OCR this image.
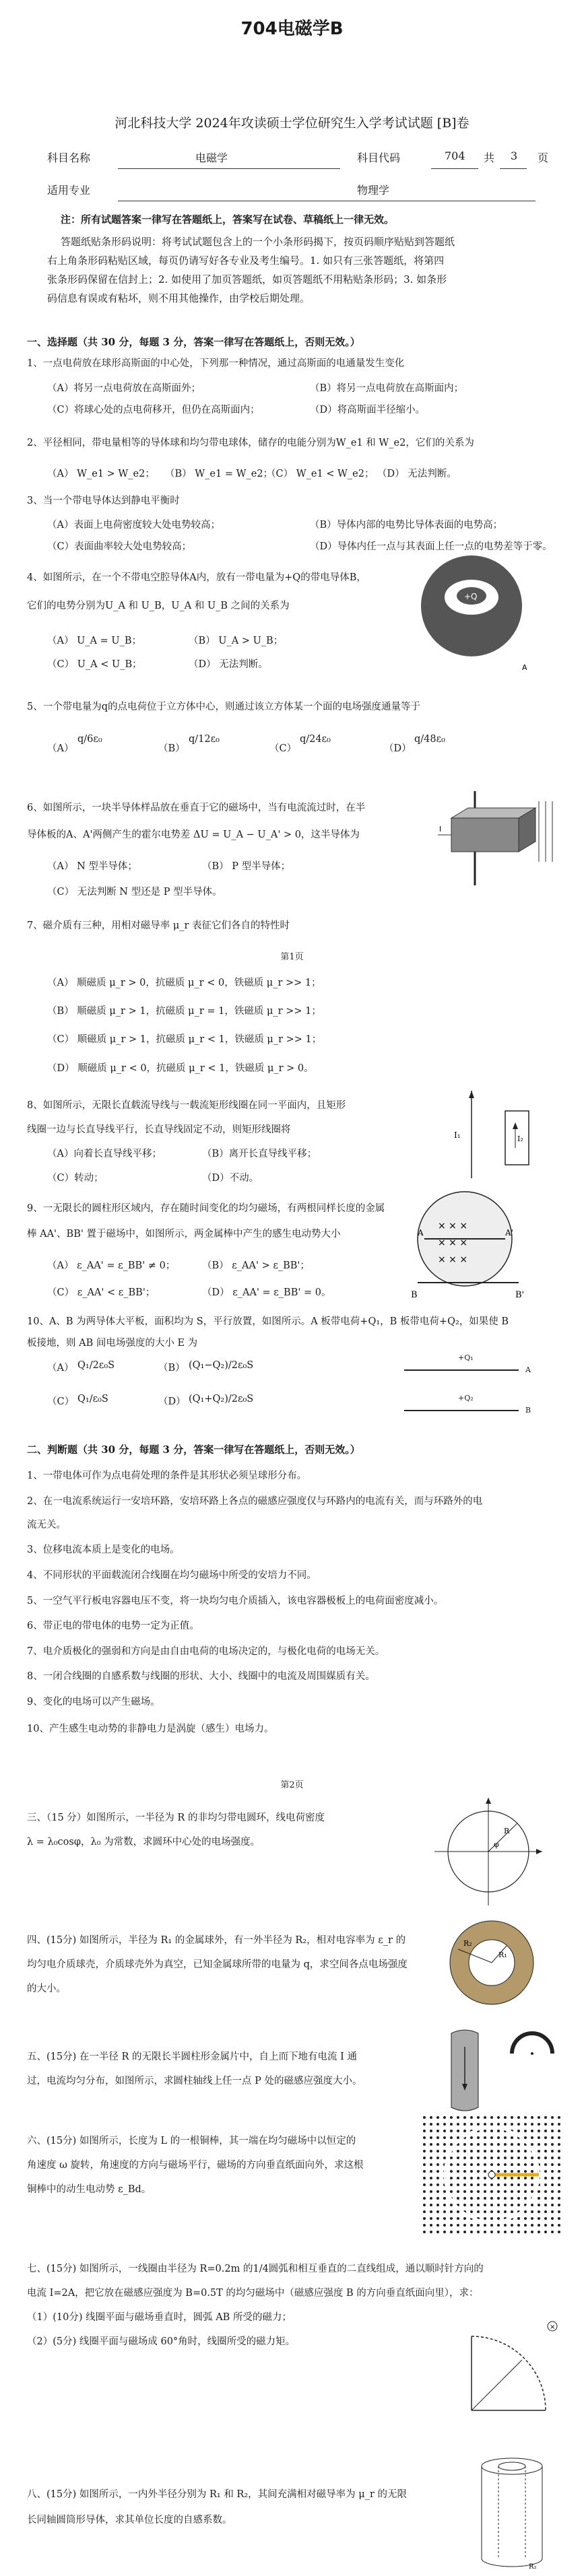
704电磁学B
河北科技大学 2024年攻读硕士学位研究生入学考试试题 [B]卷
科目名称	电磁学	科目代码	704 共 3 页
适用专业	物理学
注：所有试题答案一律写在答题纸上，答案写在试卷、草稿纸上一律无效。
答题纸贴条形码说明：将考试试题包含上的一个小条形码揭下，按页码顺序贴贴到答题纸
右上角条形码粘贴区域，每页仍请写好各专业及考生编号。1. 如只有三张答题纸，将第四
张条形码保留在信封上；2. 如使用了加页答题纸，如页答题纸不用粘贴条形码；3. 如条形
码信息有误或有粘坏，则不用其他操作，由学校后期处理。
一、选择题（共 30 分，每题 3 分，答案一律写在答题纸上，否则无效。）
1、一点电荷放在球形高斯面的中心处，下列那一种情况，通过高斯面的电通量发生变化
（A）将另一点电荷放在高斯面外；	（B）将另一点电荷放在高斯面内；
（C）将球心处的点电荷移开，但仍在高斯面内；	（D）将高斯面半径缩小。
2、平径相同，带电量相等的导体球和均匀带电球体，储存的电能分别为W_e1 和 W_e2，它们的关系为
（A） W_e1 > W_e2； （B） W_e1 = W_e2；
（C） W_e1 < W_e2； （D） 无法判断。
3、当一个带电导体达到静电平衡时
（A）表面上电荷密度较大处电势较高；	（B）导体内部的电势比导体表面的电势高；
（C）表面曲率较大处电势较高；	（D）导体内任一点与其表面上任一点的电势差等于零。
4、如图所示，在一个不带电空腔导体A内，放有一带电量为+Q的带电导体B，
它们的电势分别为U_A 和 U_B，U_A 和 U_B 之间的关系为
（A） U_A = U_B；	（B） U_A > U_B；
（C） U_A < U_B；	（D） 无法判断。
+Q
A
5、一个带电量为q的点电荷位于立方体中心，则通过该立方体某一个面的电场强度通量等于
（A）
q/6ε₀
（B）
q/12ε₀
（C）
q/24ε₀
（D）
q/48ε₀
6、如图所示，一块半导体样品放在垂直于它的磁场中，当有电流流过时，在半
导体板的A、A'两侧产生的霍尔电势差 ΔU = U_A − U_A' > 0，这半导体为
（A） N 型半导体；	（B） P 型半导体；
（C） 无法判断 N 型还是 P 型半导体。
I
7、磁介质有三种，用相对磁导率 μ_r 表征它们各自的特性时
第1页
（A） 顺磁质 μ_r > 0，抗磁质 μ_r < 0，铁磁质 μ_r >> 1；
（B） 顺磁质 μ_r > 1，抗磁质 μ_r = 1，铁磁质 μ_r >> 1；
（C） 顺磁质 μ_r > 1，抗磁质 μ_r < 1，铁磁质 μ_r >> 1；
（D） 顺磁质 μ_r < 0，抗磁质 μ_r < 1，铁磁质 μ_r > 0。
8、如图所示，无限长直载流导线与一载流矩形线圈在同一平面内，且矩形
线圈一边与长直导线平行，长直导线固定不动，则矩形线圈将
（A）向着长直导线平移；	（B）离开长直导线平移；
（C）转动；	（D）不动。
I₁	I₂
9、一无限长的圆柱形区域内，存在随时间变化的均匀磁场，有两根同样长度的金属
棒 AA'、BB' 置于磁场中，如图所示，两金属棒中产生的感生电动势大小
（A） ε_AA' = ε_BB' ≠ 0；	（B） ε_AA' > ε_BB'；
（C） ε_AA' < ε_BB'；	（D） ε_AA' = ε_BB' = 0。
× × ×
× × ×
× × ×
A	A'
B	B'
10、A、B 为两导体大平板，面积均为 S，平行放置，如图所示。A 板带电荷+Q₁，B 板带电荷+Q₂，如果使 B
板接地，则 AB 间电场强度的大小 E 为
（A） Q₁/2ε₀S	（B） (Q₁−Q₂)/2ε₀S
（C） Q₁/ε₀S	（D） (Q₁+Q₂)/2ε₀S
+Q₁
A
+Q₂
B
二、判断题（共 30 分，每题 3 分，答案一律写在答题纸上，否则无效。）
1、一带电体可作为点电荷处理的条件是其形状必须呈球形分布。
2、在一电流系统运行一安培环路，安培环路上各点的磁感应强度仅与环路内的电流有关，而与环路外的电
流无关。
3、位移电流本质上是变化的电场。
4、不同形状的平面载流闭合线圈在均匀磁场中所受的安培力不同。
5、一空气平行板电容器电压不变，将一块均匀电介质插入，该电容器极板上的电荷面密度减小。
6、带正电的带电体的电势一定为正值。
7、电介质极化的强弱和方向是由自由电荷的电场决定的，与极化电荷的电场无关。
8、一闭合线圈的自感系数与线圈的形状、大小、线圈中的电流及周围媒质有关。
9、变化的电场可以产生磁场。
10、产生感生电动势的非静电力是涡旋（感生）电场力。
第2页
三、（15 分）如图所示，一半径为 R 的非均匀带电圆环，线电荷密度
λ = λ₀cosφ，λ₀ 为常数，求圆环中心处的电场强度。
R
φ
四、(15分) 如图所示，半径为 R₁ 的金属球外，有一外半径为 R₂，相对电容率为 ε_r 的
均匀电介质球壳，介质球壳外为真空，已知金属球所带的电量为 q，求空间各点电场强度
的大小。
R₁
R₂
五、(15分) 在一半径 R 的无限长半圆柱形金属片中，自上而下地有电流 I 通
过，电流均匀分布，如图所示，求圆柱轴线上任一点 P 处的磁感应强度大小。
六、(15分) 如图所示，长度为 L 的一根铜棒，其一端在均匀磁场中以恒定的
角速度 ω 旋转，角速度的方向与磁场平行，磁场的方向垂直纸面向外，求这根
铜棒中的动生电动势 ε_Bd。
七、(15分) 如图所示，一线圈由半径为 R=0.2m 的1/4圆弧和相互垂直的二直线组成，通以顺时针方向的
电流 I=2A，把它放在磁感应强度为 B=0.5T 的均匀磁场中（磁感应强度 B 的方向垂直纸面向里），求：
（1）(10分) 线圈平面与磁场垂直时，圆弧 AB 所受的磁力；
（2）(5分) 线圈平面与磁场成 60°角时，线圈所受的磁力矩。
×
八、(15分) 如图所示，一内外半径分别为 R₁ 和 R₂，其间充满相对磁导率为 μ_r 的无限
长同轴圆筒形导体，求其单位长度的自感系数。
R₂
